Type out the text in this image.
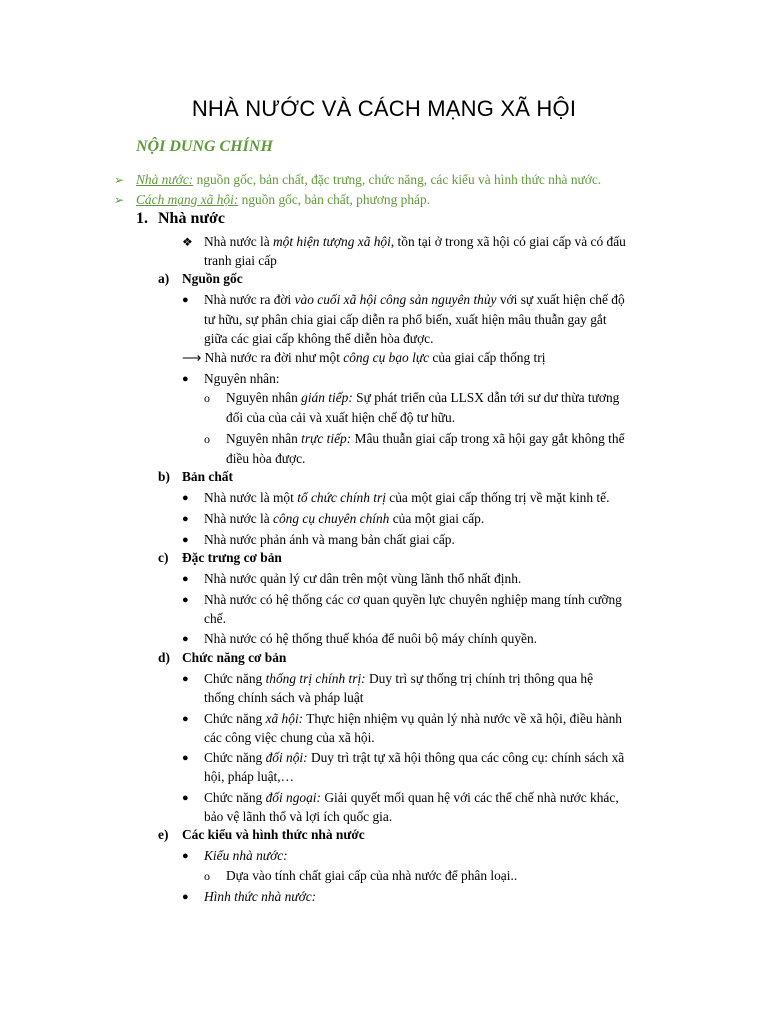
NHÀ NƯỚC VÀ CÁCH MẠNG XÃ HỘI
NỘI DUNG CHÍNH
➢ Nhà nước: nguồn gốc, bản chất, đặc trưng, chức năng, các kiểu và hình thức nhà nước.
➢ Cách mạng xã hội: nguồn gốc, bản chất, phương pháp.
1. Nhà nước
❖ Nhà nước là một hiện tượng xã hội, tồn tại ở trong xã hội có giai cấp và có đấu
tranh giai cấp
a) Nguồn gốc
● Nhà nước ra đời vào cuối xã hội công sản nguyên thủy với sự xuất hiện chế độ
tư hữu, sự phân chia giai cấp diễn ra phổ biến, xuất hiện mâu thuẫn gay gắt
giữa các giai cấp không thể diễn hòa được.
⟶ Nhà nước ra đời như một công cụ bạo lực của giai cấp thống trị
● Nguyên nhân:
o Nguyên nhân gián tiếp: Sự phát triển của LLSX dẫn tới sư dư thừa tương
đối của của cải và xuất hiện chế độ tư hữu.
o Nguyên nhân trực tiếp: Mâu thuẫn giai cấp trong xã hội gay gắt không thể
điều hòa được.
b) Bản chất
● Nhà nước là một tổ chức chính trị của một giai cấp thống trị về mặt kinh tế.
● Nhà nước là công cụ chuyên chính của một giai cấp.
● Nhà nước phản ánh và mang bản chất giai cấp.
c) Đặc trưng cơ bản
● Nhà nước quản lý cư dân trên một vùng lãnh thổ nhất định.
● Nhà nước có hệ thống các cơ quan quyền lực chuyên nghiệp mang tính cưỡng
chế.
● Nhà nước có hệ thống thuế khóa để nuôi bộ máy chính quyền.
d) Chức năng cơ bản
● Chức năng thống trị chính trị: Duy trì sự thống trị chính trị thông qua hệ
thống chính sách và pháp luật
● Chức năng xã hội: Thực hiện nhiệm vụ quản lý nhà nước về xã hội, điều hành
các công việc chung của xã hội.
● Chức năng đối nội: Duy trì trật tự xã hội thông qua các công cụ: chính sách xã
hội, pháp luật,…
● Chức năng đối ngoại: Giải quyết mối quan hệ với các thể chế nhà nước khác,
bảo vệ lãnh thổ và lợi ích quốc gia.
e) Các kiểu và hình thức nhà nước
● Kiểu nhà nước:
o Dựa vào tính chất giai cấp của nhà nước để phân loại..
● Hình thức nhà nước:
